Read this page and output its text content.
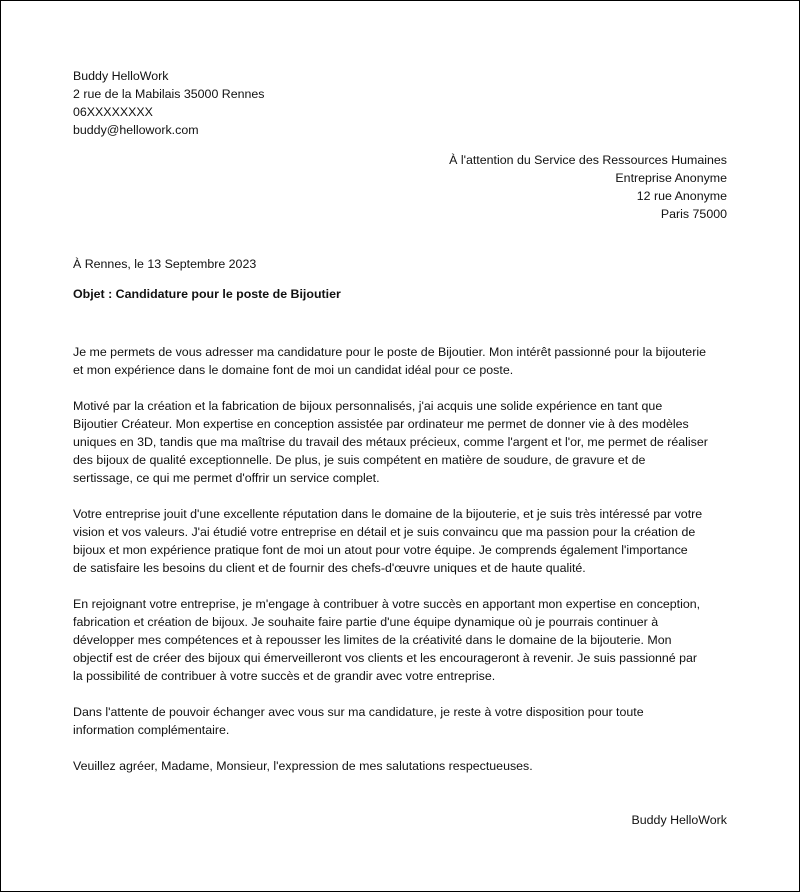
Buddy HelloWork
2 rue de la Mabilais 35000 Rennes
06XXXXXXXX
buddy@hellowork.com
À l'attention du Service des Ressources Humaines
Entreprise Anonyme
12 rue Anonyme
Paris 75000
À Rennes, le 13 Septembre 2023
Objet : Candidature pour le poste de Bijoutier

Je me permets de vous adresser ma candidature pour le poste de Bijoutier. Mon intérêt passionné pour la bijouterie
et mon expérience dans le domaine font de moi un candidat idéal pour ce poste.

Motivé par la création et la fabrication de bijoux personnalisés, j'ai acquis une solide expérience en tant que
Bijoutier Créateur. Mon expertise en conception assistée par ordinateur me permet de donner vie à des modèles
uniques en 3D, tandis que ma maîtrise du travail des métaux précieux, comme l'argent et l'or, me permet de réaliser
des bijoux de qualité exceptionnelle. De plus, je suis compétent en matière de soudure, de gravure et de
sertissage, ce qui me permet d'offrir un service complet.

Votre entreprise jouit d'une excellente réputation dans le domaine de la bijouterie, et je suis très intéressé par votre
vision et vos valeurs. J'ai étudié votre entreprise en détail et je suis convaincu que ma passion pour la création de
bijoux et mon expérience pratique font de moi un atout pour votre équipe. Je comprends également l'importance
de satisfaire les besoins du client et de fournir des chefs-d'œuvre uniques et de haute qualité.

En rejoignant votre entreprise, je m'engage à contribuer à votre succès en apportant mon expertise en conception,
fabrication et création de bijoux. Je souhaite faire partie d'une équipe dynamique où je pourrais continuer à
développer mes compétences et à repousser les limites de la créativité dans le domaine de la bijouterie. Mon
objectif est de créer des bijoux qui émerveilleront vos clients et les encourageront à revenir. Je suis passionné par
la possibilité de contribuer à votre succès et de grandir avec votre entreprise.

Dans l'attente de pouvoir échanger avec vous sur ma candidature, je reste à votre disposition pour toute
information complémentaire.

Veuillez agréer, Madame, Monsieur, l'expression de mes salutations respectueuses.

Buddy HelloWork
